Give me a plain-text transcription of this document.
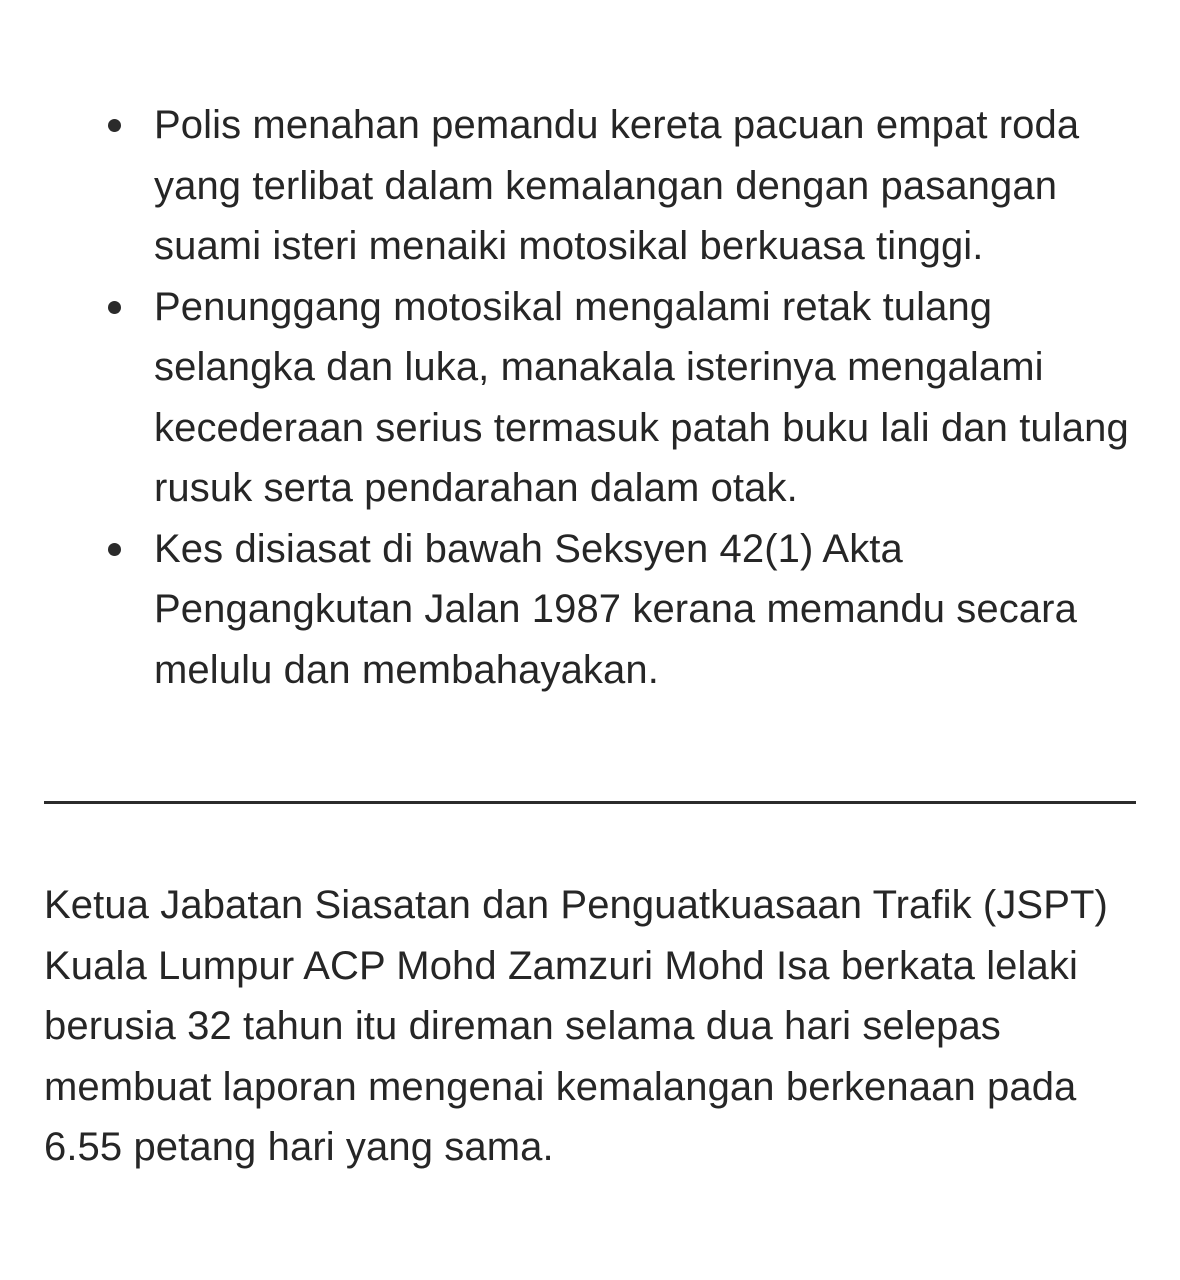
Polis menahan pemandu kereta pacuan empat roda yang terlibat dalam kemalangan dengan pasangan suami isteri menaiki motosikal berkuasa tinggi.
Penunggang motosikal mengalami retak tulang selangka dan luka, manakala isterinya mengalami kecederaan serius termasuk patah buku lali dan tulang rusuk serta pendarahan dalam otak.
Kes disiasat di bawah Seksyen 42(1) Akta Pengangkutan Jalan 1987 kerana memandu secara melulu dan membahayakan.

Ketua Jabatan Siasatan dan Penguatkuasaan Trafik (JSPT) Kuala Lumpur ACP Mohd Zamzuri Mohd Isa berkata lelaki berusia 32 tahun itu direman selama dua hari selepas membuat laporan mengenai kemalangan berkenaan pada 6.55 petang hari yang sama.
